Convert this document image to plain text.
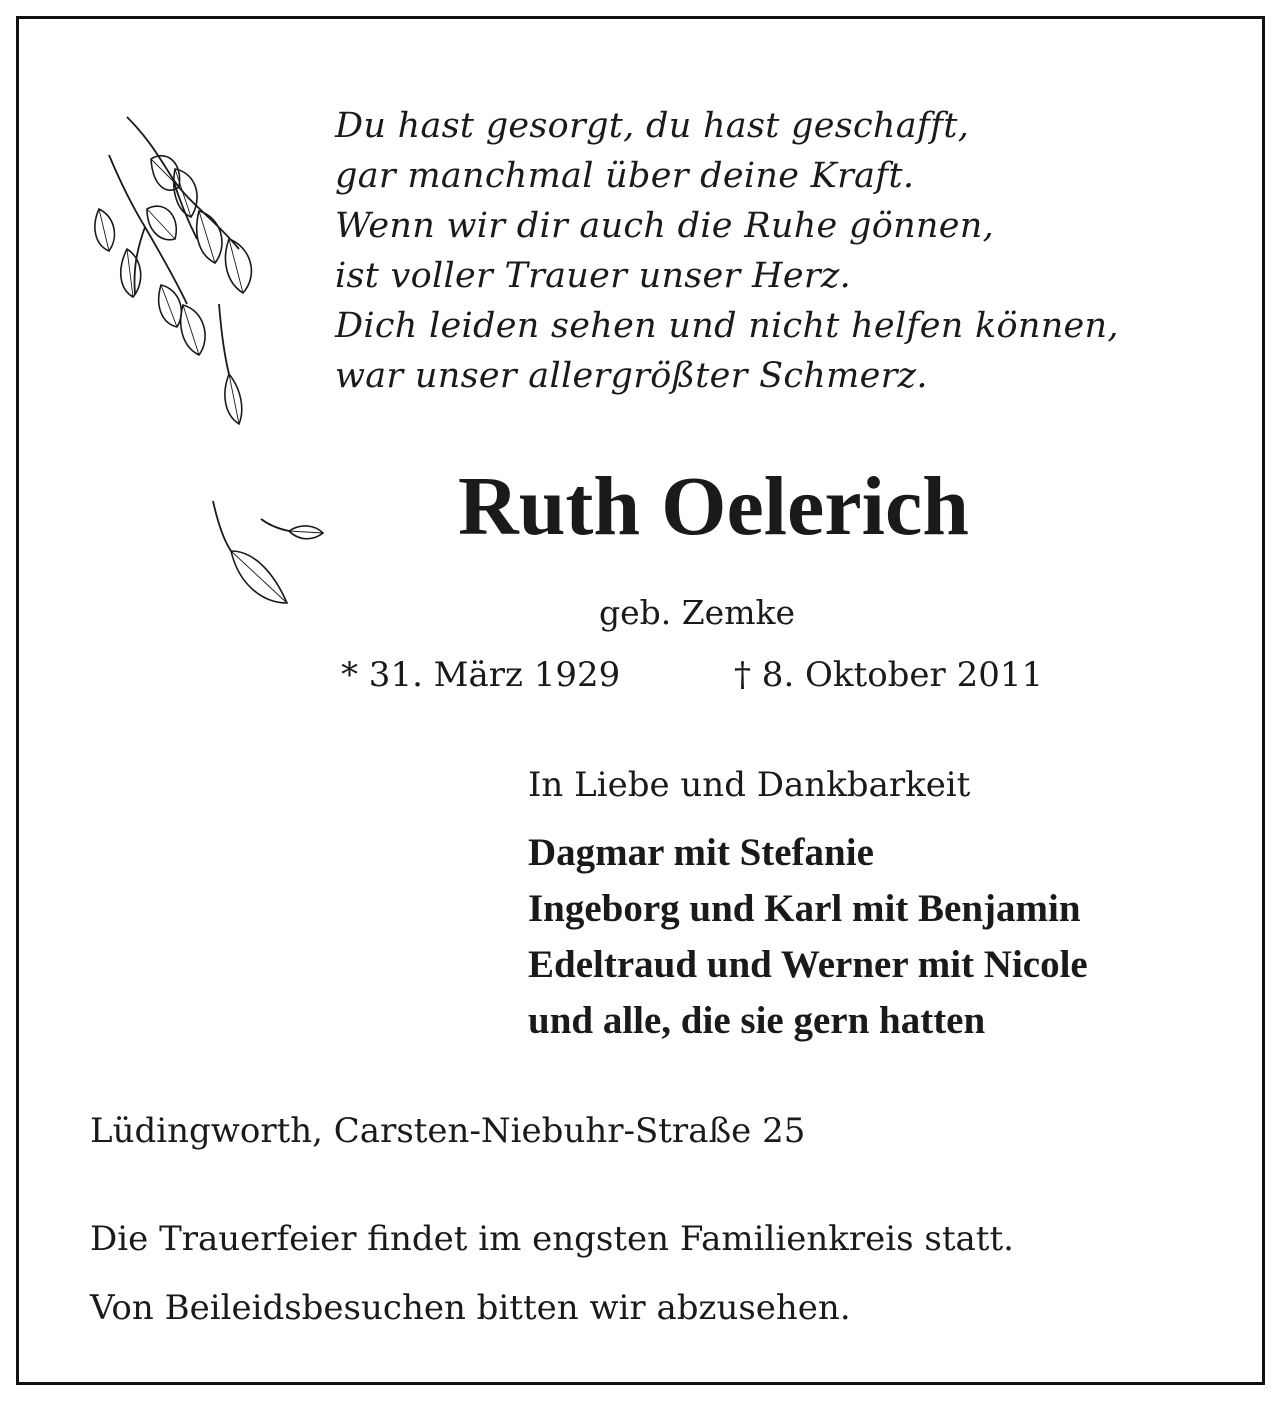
Du hast gesorgt, du hast geschafft,
gar manchmal über deine Kraft.
Wenn wir dir auch die Ruhe gönnen,
ist voller Trauer unser Herz.
Dich leiden sehen und nicht helfen können,
war unser allergrößter Schmerz.
Ruth Oelerich
geb. Zemke
* 31. März 1929	† 8. Oktober 2011
In Liebe und Dankbarkeit
Dagmar mit Stefanie
Ingeborg und Karl mit Benjamin
Edeltraud und Werner mit Nicole
und alle, die sie gern hatten
Lüdingworth, Carsten-Niebuhr-Straße 25
Die Trauerfeier findet im engsten Familienkreis statt.
Von Beileidsbesuchen bitten wir abzusehen.
